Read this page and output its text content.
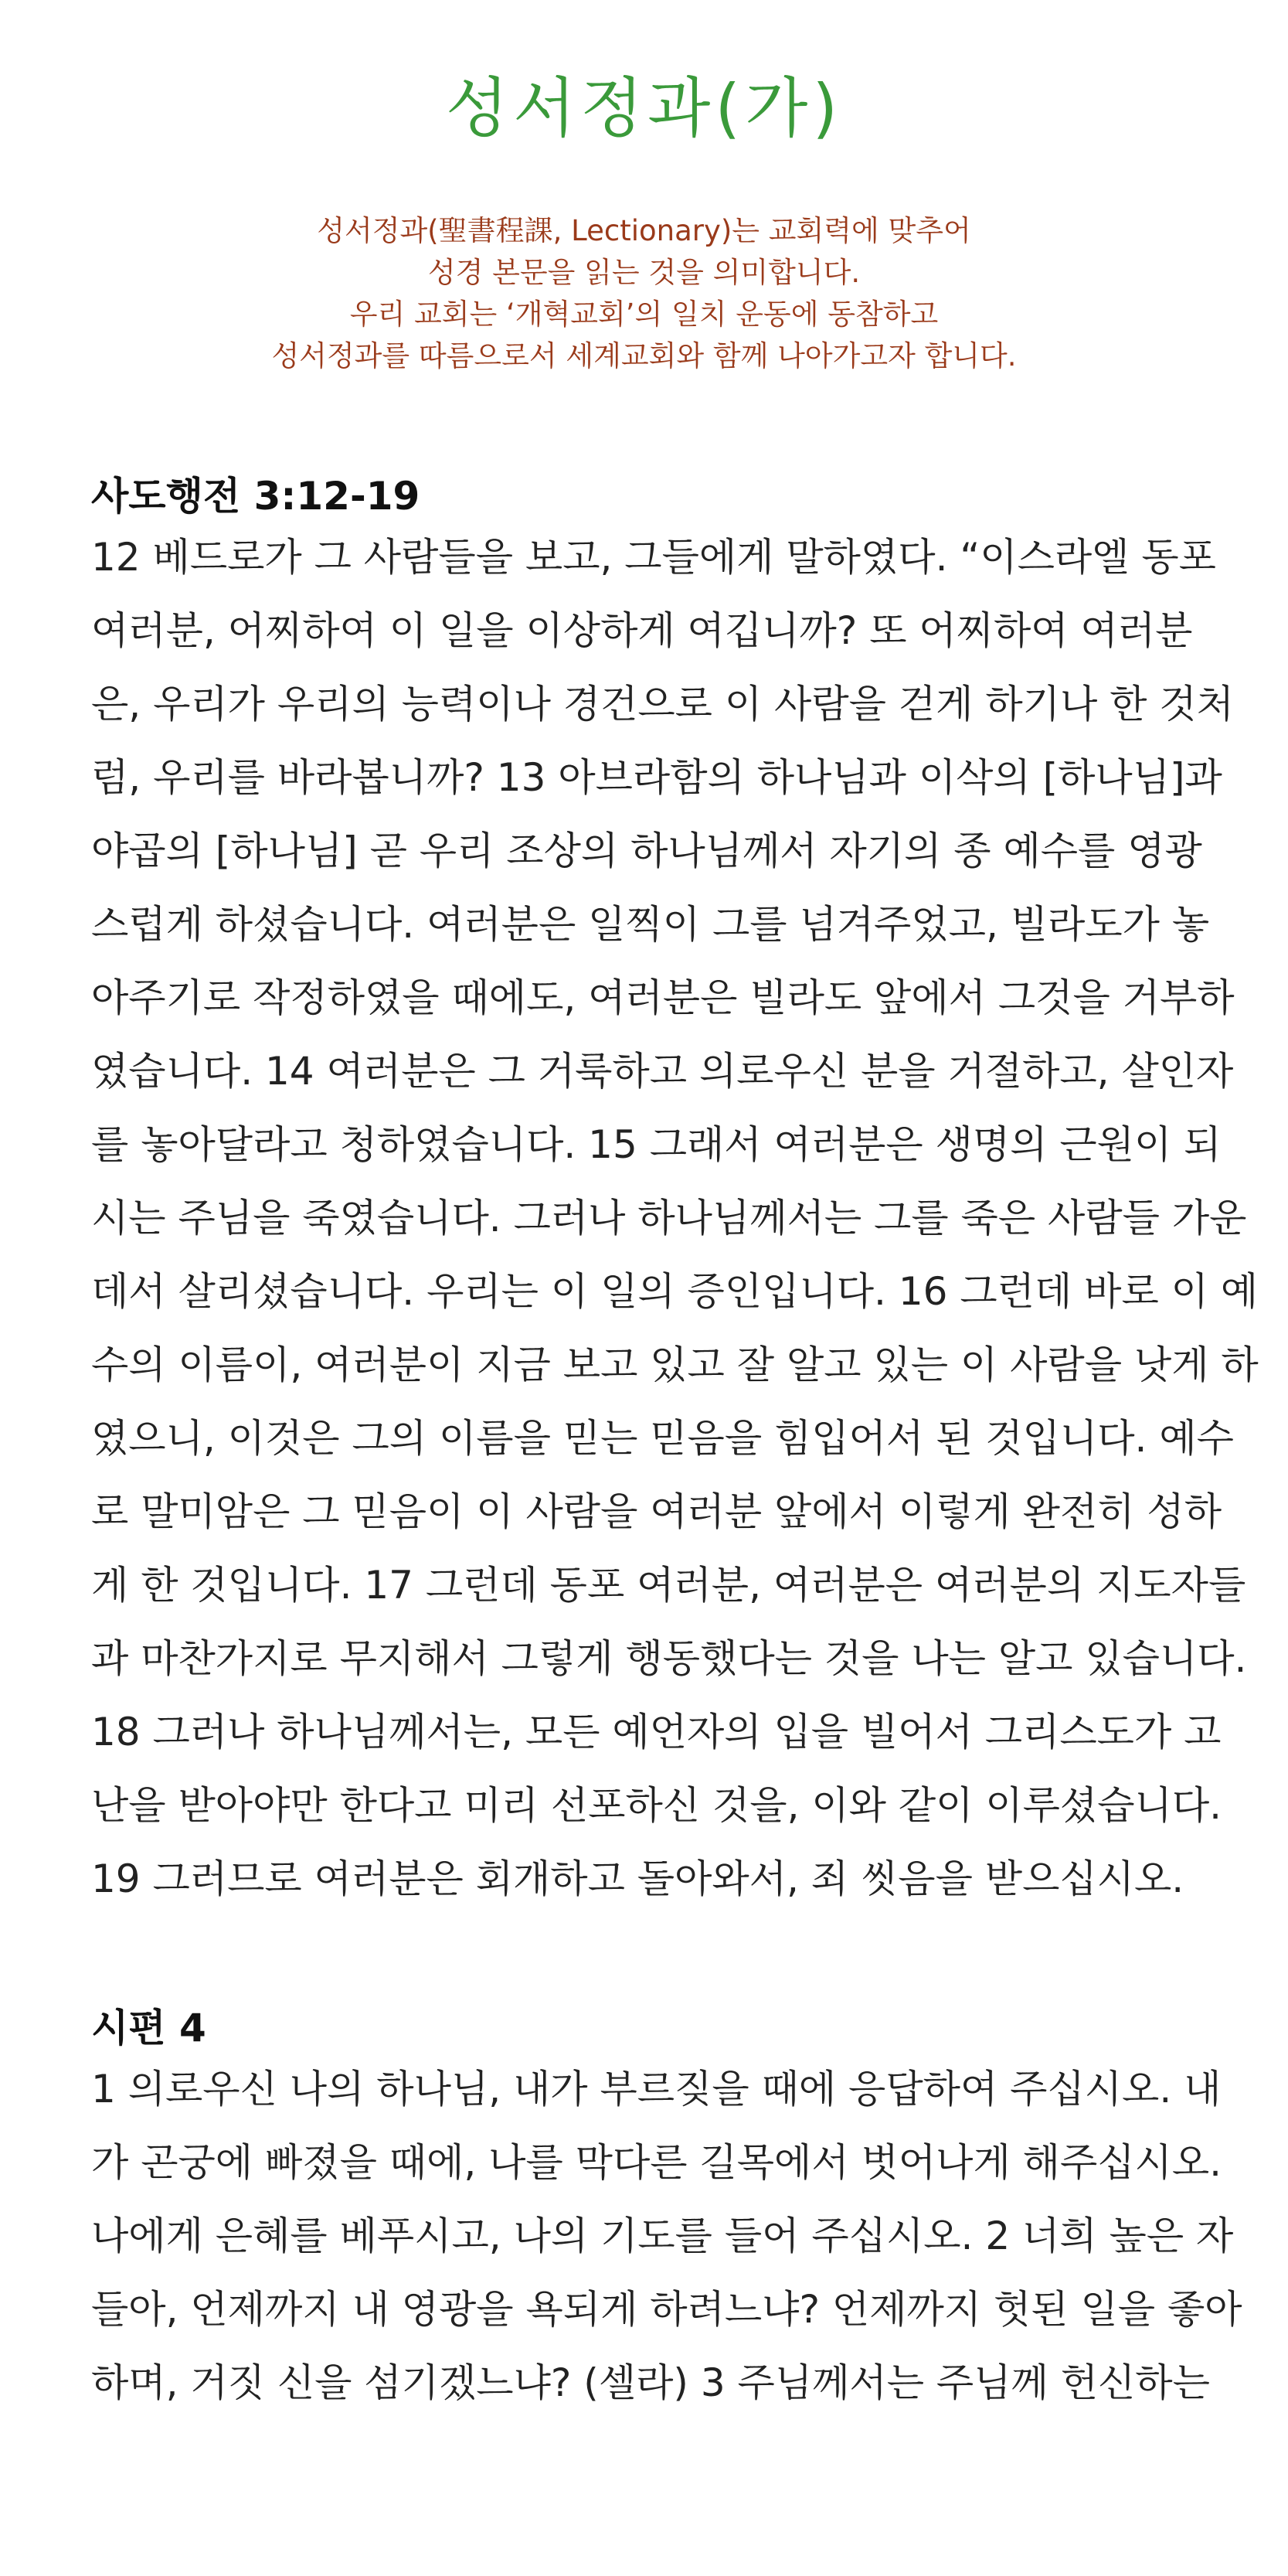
성서정과(가)
성서정과(聖書程課, Lectionary)는 교회력에 맞추어
성경 본문을 읽는 것을 의미합니다.
우리 교회는 ‘개혁교회’의 일치 운동에 동참하고
성서정과를 따름으로서 세계교회와 함께 나아가고자 합니다.
사도행전 3:12-19
12 베드로가 그 사람들을 보고, 그들에게 말하였다. “이스라엘 동포
여러분, 어찌하여 이 일을 이상하게 여깁니까? 또 어찌하여 여러분
은, 우리가 우리의 능력이나 경건으로 이 사람을 걷게 하기나 한 것처
럼, 우리를 바라봅니까? 13 아브라함의 하나님과 이삭의 [하나님]과
야곱의 [하나님] 곧 우리 조상의 하나님께서 자기의 종 예수를 영광
스럽게 하셨습니다. 여러분은 일찍이 그를 넘겨주었고, 빌라도가 놓
아주기로 작정하였을 때에도, 여러분은 빌라도 앞에서 그것을 거부하
였습니다. 14 여러분은 그 거룩하고 의로우신 분을 거절하고, 살인자
를 놓아달라고 청하였습니다. 15 그래서 여러분은 생명의 근원이 되
시는 주님을 죽였습니다. 그러나 하나님께서는 그를 죽은 사람들 가운
데서 살리셨습니다. 우리는 이 일의 증인입니다. 16 그런데 바로 이 예
수의 이름이, 여러분이 지금 보고 있고 잘 알고 있는 이 사람을 낫게 하
였으니, 이것은 그의 이름을 믿는 믿음을 힘입어서 된 것입니다. 예수
로 말미암은 그 믿음이 이 사람을 여러분 앞에서 이렇게 완전히 성하
게 한 것입니다. 17 그런데 동포 여러분, 여러분은 여러분의 지도자들
과 마찬가지로 무지해서 그렇게 행동했다는 것을 나는 알고 있습니다.
18 그러나 하나님께서는, 모든 예언자의 입을 빌어서 그리스도가 고
난을 받아야만 한다고 미리 선포하신 것을, 이와 같이 이루셨습니다.
19 그러므로 여러분은 회개하고 돌아와서, 죄 씻음을 받으십시오.
시편 4
1 의로우신 나의 하나님, 내가 부르짖을 때에 응답하여 주십시오. 내
가 곤궁에 빠졌을 때에, 나를 막다른 길목에서 벗어나게 해주십시오.
나에게 은혜를 베푸시고, 나의 기도를 들어 주십시오. 2 너희 높은 자
들아, 언제까지 내 영광을 욕되게 하려느냐? 언제까지 헛된 일을 좋아
하며, 거짓 신을 섬기겠느냐? (셀라) 3 주님께서는 주님께 헌신하는
